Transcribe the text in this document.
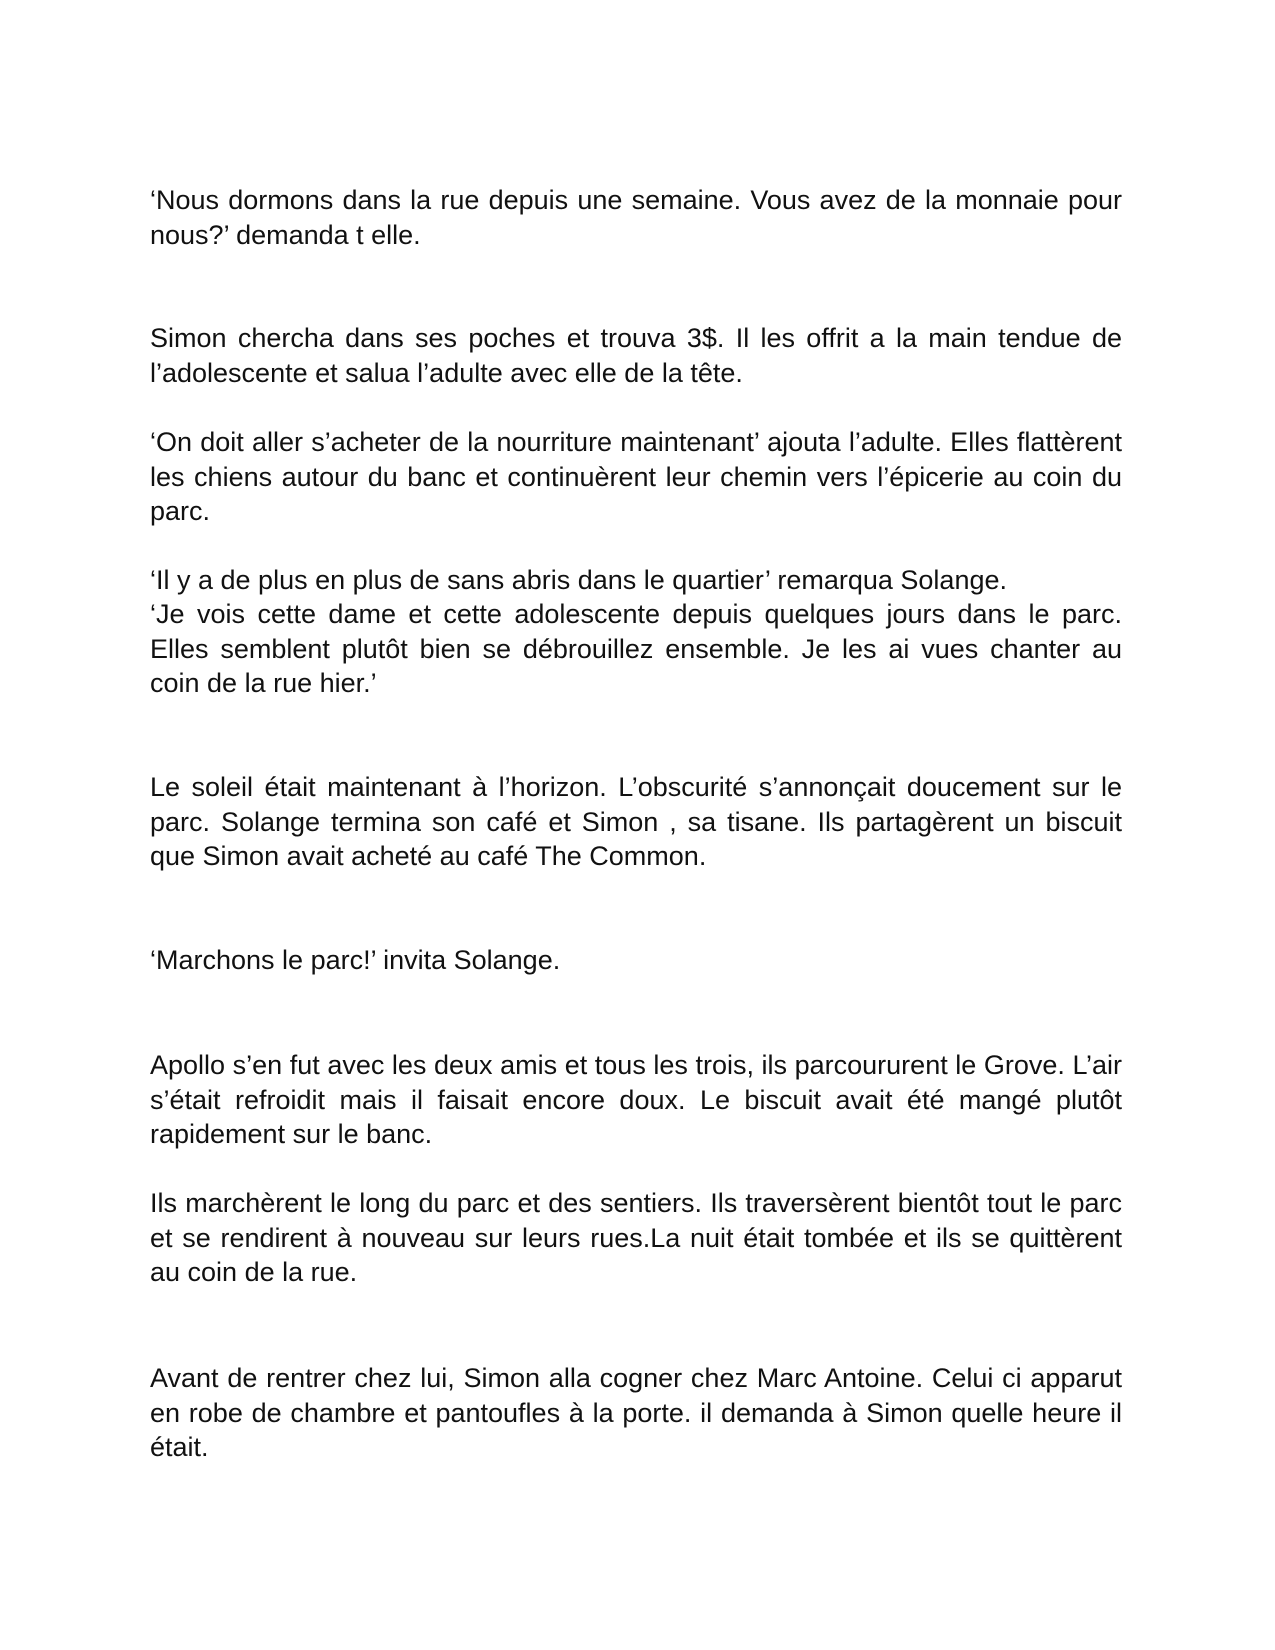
‘Nous dormons dans la rue depuis une semaine. Vous avez de la monnaie pour nous?’ demanda t elle.

Simon chercha dans ses poches et trouva 3$. Il les offrit a la main tendue de l’adolescente et salua l’adulte avec elle de la tête.

‘On doit aller s’acheter de la nourriture maintenant’ ajouta l’adulte. Elles flattèrent les chiens autour du banc et continuèrent leur chemin vers l’épicerie au coin du parc.

‘Il y a de plus en plus de sans abris dans le quartier’ remarqua Solange.

‘Je vois cette dame et cette adolescente depuis quelques jours dans le parc. Elles semblent plutôt bien se débrouillez ensemble. Je les ai vues chanter au coin de la rue hier.’

Le soleil était maintenant à l’horizon. L’obscurité s’annonçait doucement sur le parc. Solange termina son café et Simon , sa tisane. Ils partagèrent un biscuit que Simon avait acheté au café The Common.

‘Marchons le parc!’ invita Solange.

Apollo s’en fut avec les deux amis et tous les trois, ils parcoururent le Grove. L’air s’était refroidit mais il faisait encore doux. Le biscuit avait été mangé plutôt rapidement sur le banc.

Ils marchèrent le long du parc et des sentiers. Ils traversèrent bientôt tout le parc et se rendirent à nouveau sur leurs rues.La nuit était tombée et ils se quittèrent au coin de la rue.

Avant de rentrer chez lui, Simon alla cogner chez Marc Antoine. Celui ci apparut en robe de chambre et pantoufles à la porte. il demanda à Simon quelle heure il était.
